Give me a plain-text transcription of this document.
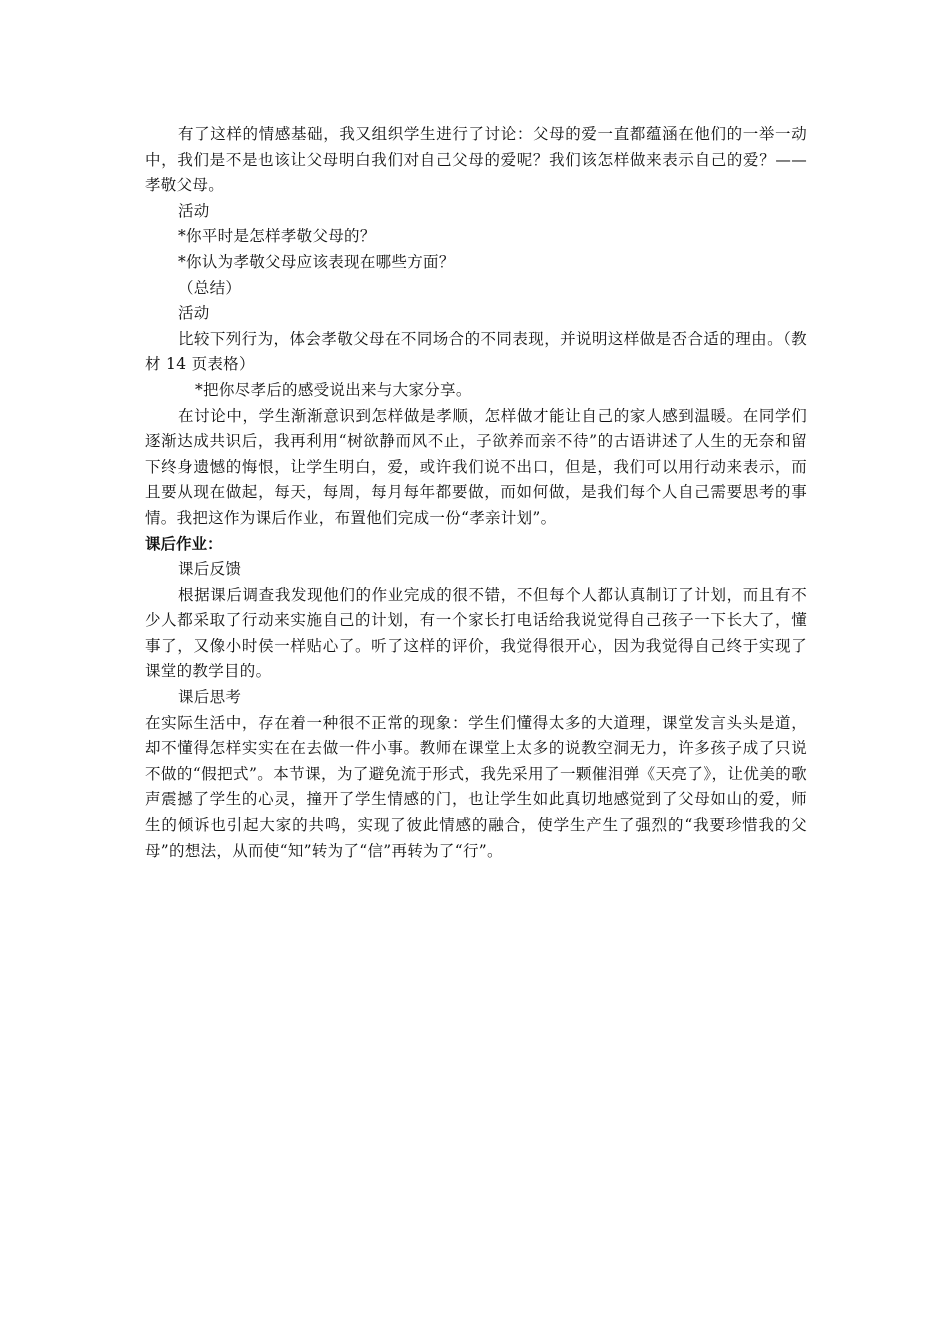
有了这样的情感基础，我又组织学生进行了讨论：父母的爱一直都蕴涵在他们的一举一动中，我们是不是也该让父母明白我们对自己父母的爱呢？我们该怎样做来表示自己的爱？——孝敬父母。

活动

*你平时是怎样孝敬父母的？

*你认为孝敬父母应该表现在哪些方面？

（总结）

活动

比较下列行为，体会孝敬父母在不同场合的不同表现，并说明这样做是否合适的理由。（教材 14 页表格）

*把你尽孝后的感受说出来与大家分享。

在讨论中，学生渐渐意识到怎样做是孝顺，怎样做才能让自己的家人感到温暖。在同学们逐渐达成共识后，我再利用“树欲静而风不止，子欲养而亲不待”的古语讲述了人生的无奈和留下终身遗憾的悔恨，让学生明白，爱，或许我们说不出口，但是，我们可以用行动来表示，而且要从现在做起，每天，每周，每月每年都要做，而如何做，是我们每个人自己需要思考的事情。我把这作为课后作业，布置他们完成一份“孝亲计划”。

课后作业：

课后反馈

根据课后调查我发现他们的作业完成的很不错，不但每个人都认真制订了计划，而且有不少人都采取了行动来实施自己的计划，有一个家长打电话给我说觉得自己孩子一下长大了，懂事了，又像小时侯一样贴心了。听了这样的评价，我觉得很开心，因为我觉得自己终于实现了课堂的教学目的。

课后思考

在实际生活中，存在着一种很不正常的现象：学生们懂得太多的大道理，课堂发言头头是道，却不懂得怎样实实在在去做一件小事。教师在课堂上太多的说教空洞无力，许多孩子成了只说不做的“假把式”。本节课，为了避免流于形式，我先采用了一颗催泪弹《天亮了》，让优美的歌声震撼了学生的心灵，撞开了学生情感的门，也让学生如此真切地感觉到了父母如山的爱，师生的倾诉也引起大家的共鸣，实现了彼此情感的融合，使学生产生了强烈的“我要珍惜我的父母”的想法，从而使“知”转为了“信”再转为了“行”。
